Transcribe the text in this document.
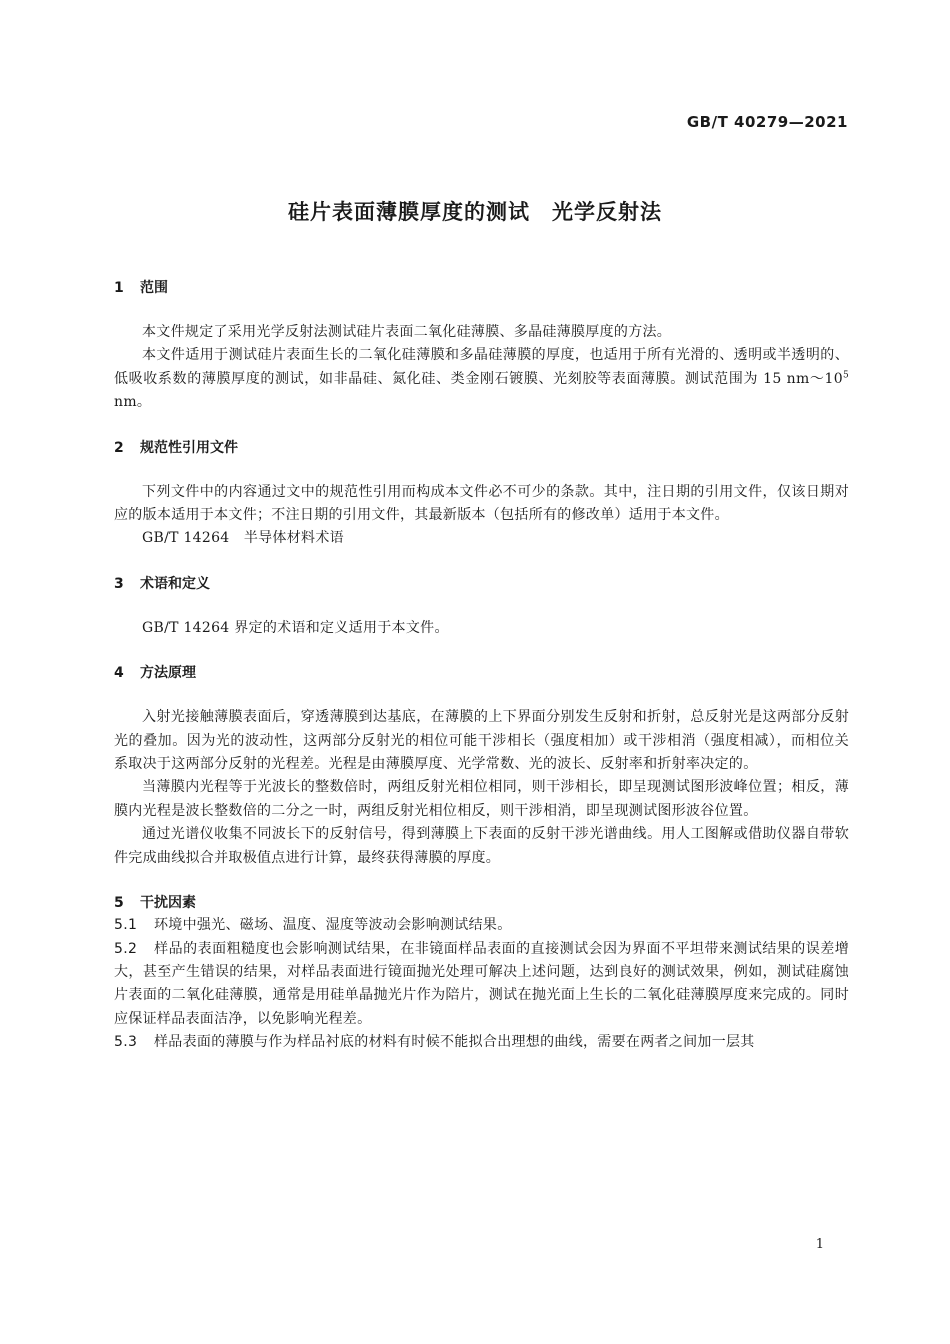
GB/T 40279—2021
硅片表面薄膜厚度的测试　光学反射法
1 范围

本文件规定了采用光学反射法测试硅片表面二氧化硅薄膜、多晶硅薄膜厚度的方法。

本文件适用于测试硅片表面生长的二氧化硅薄膜和多晶硅薄膜的厚度，也适用于所有光滑的、透明或半透明的、低吸收系数的薄膜厚度的测试，如非晶硅、氮化硅、类金刚石镀膜、光刻胶等表面薄膜。测试范围为 15 $nm\sim 10^5$ nm。

2 规范性引用文件

下列文件中的内容通过文中的规范性引用而构成本文件必不可少的条款。其中，注日期的引用文件，仅该日期对应的版本适用于本文件；不注日期的引用文件，其最新版本（包括所有的修改单）适用于本文件。

GB/T 14264　 半导体材料术语

3 术语和定义

GB/T 14264 界定的术语和定义适用于本文件。

4 方法原理

入射光接触薄膜表面后，穿透薄膜到达基底，在薄膜的上下界面分别发生反射和折射，总反射光是这两部分反射光的叠加。因为光的波动性，这两部分反射光的相位可能干涉相长（强度相加）或干涉相消（强度相减），而相位关系取决于这两部分反射的光程差。光程是由薄膜厚度、光学常数、光的波长、反射率和折射率决定的。

当薄膜内光程等于光波长的整数倍时，两组反射光相位相同，则干涉相长，即呈现测试图形波峰位置；相反，薄膜内光程是波长整数倍的二分之一时，两组反射光相位相反，则干涉相消，即呈现测试图形波谷位置。

通过光谱仪收集不同波长下的反射信号，得到薄膜上下表面的反射干涉光谱曲线。用人工图解或借助仪器自带软件完成曲线拟合并取极值点进行计算，最终获得薄膜的厚度。

5 干扰因素

5.1 环境中强光、磁场、温度、湿度等波动会影响测试结果。

5.2 样品的表面粗糙度也会影响测试结果，在非镜面样品表面的直接测试会因为界面不平坦带来测试结果的误差增大，甚至产生错误的结果，对样品表面进行镜面抛光处理可解决上述问题，达到良好的测试效果，例如，测试硅腐蚀片表面的二氧化硅薄膜，通常是用硅单晶抛光片作为陪片，测试在抛光面上生长的二氧化硅薄膜厚度来完成的。同时应保证样品表面洁净，以免影响光程差。

5.3 样品表面的薄膜与作为样品衬底的材料有时候不能拟合出理想的曲线，需要在两者之间加一层其

1
